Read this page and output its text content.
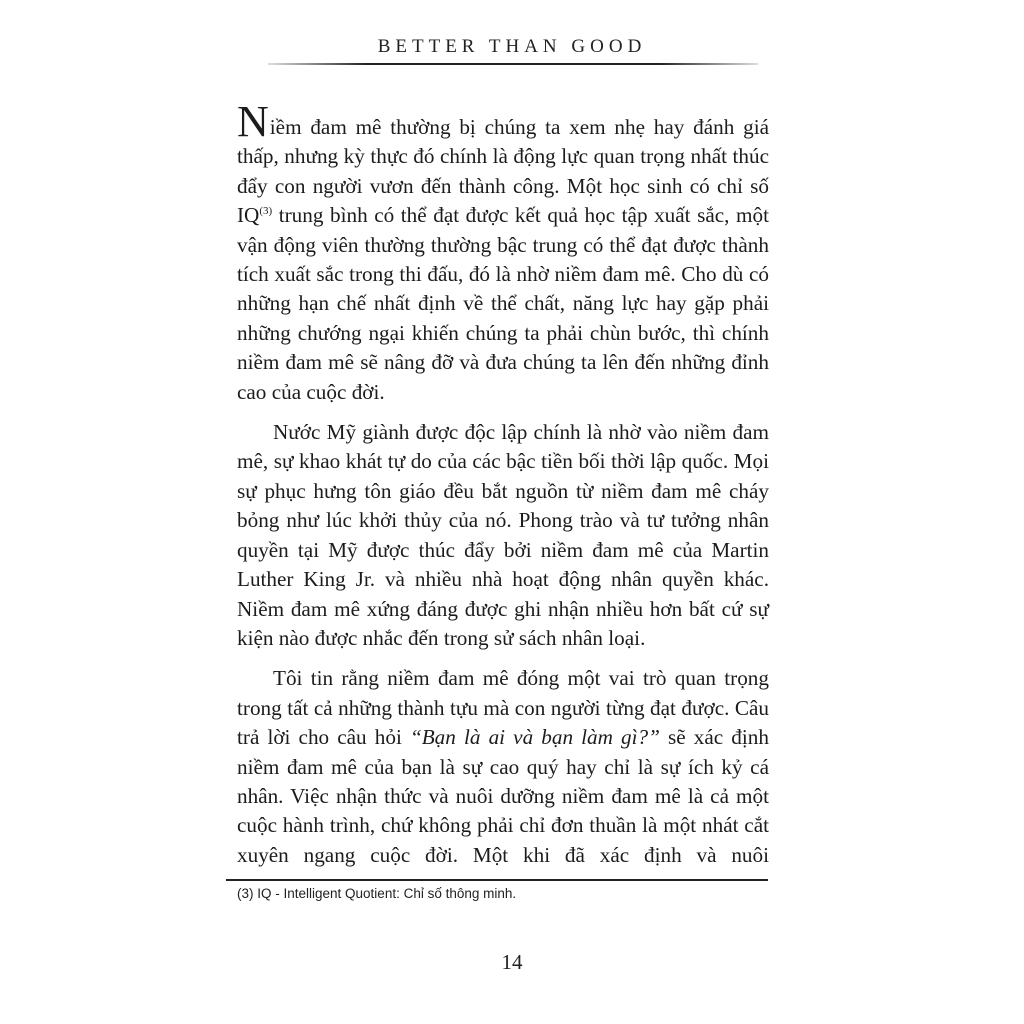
BETTER THAN GOOD

Niềm đam mê thường bị chúng ta xem nhẹ hay đánh giá thấp, nhưng kỳ thực đó chính là động lực quan trọng nhất thúc đẩy con người vươn đến thành công. Một học sinh có chỉ số IQ$^{(3)}$ trung bình có thể đạt được kết quả học tập xuất sắc, một vận động viên thường thường bậc trung có thể đạt được thành tích xuất sắc trong thi đấu, đó là nhờ niềm đam mê. Cho dù có những hạn chế nhất định về thể chất, năng lực hay gặp phải những chướng ngại khiến chúng ta phải chùn bước, thì chính niềm đam mê sẽ nâng đỡ và đưa chúng ta lên đến những đỉnh cao của cuộc đời.

Nước Mỹ giành được độc lập chính là nhờ vào niềm đam mê, sự khao khát tự do của các bậc tiền bối thời lập quốc. Mọi sự phục hưng tôn giáo đều bắt nguồn từ niềm đam mê cháy bỏng như lúc khởi thủy của nó. Phong trào và tư tưởng nhân quyền tại Mỹ được thúc đẩy bởi niềm đam mê của Martin Luther King Jr. và nhiều nhà hoạt động nhân quyền khác. Niềm đam mê xứng đáng được ghi nhận nhiều hơn bất cứ sự kiện nào được nhắc đến trong sử sách nhân loại.

Tôi tin rằng niềm đam mê đóng một vai trò quan trọng trong tất cả những thành tựu mà con người từng đạt được. Câu trả lời cho câu hỏi “Bạn là ai và bạn làm gì?” sẽ xác định niềm đam mê của bạn là sự cao quý hay chỉ là sự ích kỷ cá nhân. Việc nhận thức và nuôi dưỡng niềm đam mê là cả một cuộc hành trình, chứ không phải chỉ đơn thuần là một nhát cắt xuyên ngang cuộc đời. Một khi đã xác định và nuôi

(3) IQ - Intelligent Quotient: Chỉ số thông minh.
14
